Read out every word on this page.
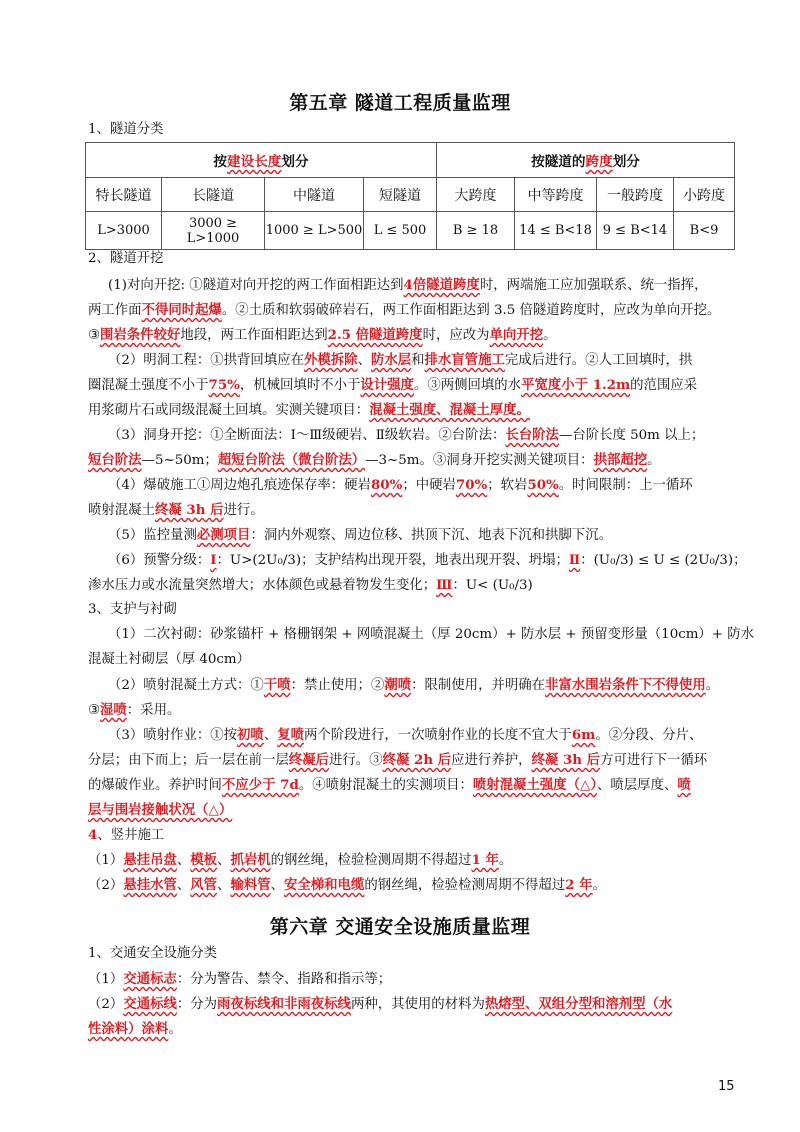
第五章 隧道工程质量监理
1、隧道分类
按建设长度划分				按隧道的跨度划分			
特长隧道	长隧道	中隧道	短隧道	大跨度	中等跨度	一般跨度	小跨度
L>3000	3000 ≥ L>1000	1000 ≥ L>500	L ≤ 500	B ≥ 18	14 ≤ B<18	9 ≤ B<14	B<9
2、隧道开挖
(1)对向开挖: ①隧道对向开挖的两工作面相距达到4倍隧道跨度时，两端施工应加强联系、统一指挥，
两工作面不得同时起爆。②土质和软弱破碎岩石，两工作面相距达到 3.5 倍隧道跨度时，应改为单向开挖。
③围岩条件较好地段，两工作面相距达到2.5 倍隧道跨度时，应改为单向开挖。
（2）明洞工程：①拱背回填应在外模拆除、防水层和排水盲管施工完成后进行。②人工回填时，拱
圈混凝土强度不小于75%，机械回填时不小于设计强度。③两侧回填的水平宽度小于 1.2m的范围应采
用浆砌片石或同级混凝土回填。实测关键项目：混凝土强度、混凝土厚度。
（3）洞身开挖：①全断面法：Ⅰ～Ⅲ级硬岩、Ⅱ级软岩。②台阶法：长台阶法—台阶长度 50m 以上；
短台阶法—5~50m；超短台阶法（微台阶法）—3~5m。③洞身开挖实测关键项目：拱部超挖。
（4）爆破施工①周边炮孔痕迹保存率：硬岩80%；中硬岩70%；软岩50%。时间限制：上一循环
喷射混凝土终凝 3h 后进行。
（5）监控量测必测项目：洞内外观察、周边位移、拱顶下沉、地表下沉和拱脚下沉。
（6）预警分级：Ⅰ：U>(2U₀/3)；支护结构出现开裂，地表出现开裂、坍塌；Ⅱ：(U₀/3) ≤ U ≤ (2U₀/3)；
渗水压力或水流量突然增大；水体颜色或悬着物发生变化；Ⅲ：U< (U₀/3)
3、支护与衬砌
（1）二次衬砌：砂浆锚杆 + 格栅钢架 + 网喷混凝土（厚 20cm）+ 防水层 + 预留变形量（10cm）+ 防水
混凝土衬砌层（厚 40cm）
（2）喷射混凝土方式：①干喷：禁止使用；②潮喷：限制使用，并明确在非富水围岩条件下不得使用。
③湿喷：采用。
（3）喷射作业：①按初喷、复喷两个阶段进行，一次喷射作业的长度不宜大于6m。②分段、分片、
分层；由下而上；后一层在前一层终凝后进行。③终凝 2h 后应进行养护，终凝 3h 后方可进行下一循环
的爆破作业。养护时间不应少于 7d。④喷射混凝土的实测项目：喷射混凝土强度（△）、喷层厚度、喷
层与围岩接触状况（△）
4、竖井施工
（1）悬挂吊盘、模板、抓岩机的钢丝绳，检验检测周期不得超过1 年。
（2）悬挂水管、风管、输料管、安全梯和电缆的钢丝绳，检验检测周期不得超过2 年。
第六章 交通安全设施质量监理
1、交通安全设施分类
（1）交通标志：分为警告、禁令、指路和指示等；
（2）交通标线：分为雨夜标线和非雨夜标线两种，其使用的材料为热熔型、双组分型和溶剂型（水
性涂料）涂料。
15
